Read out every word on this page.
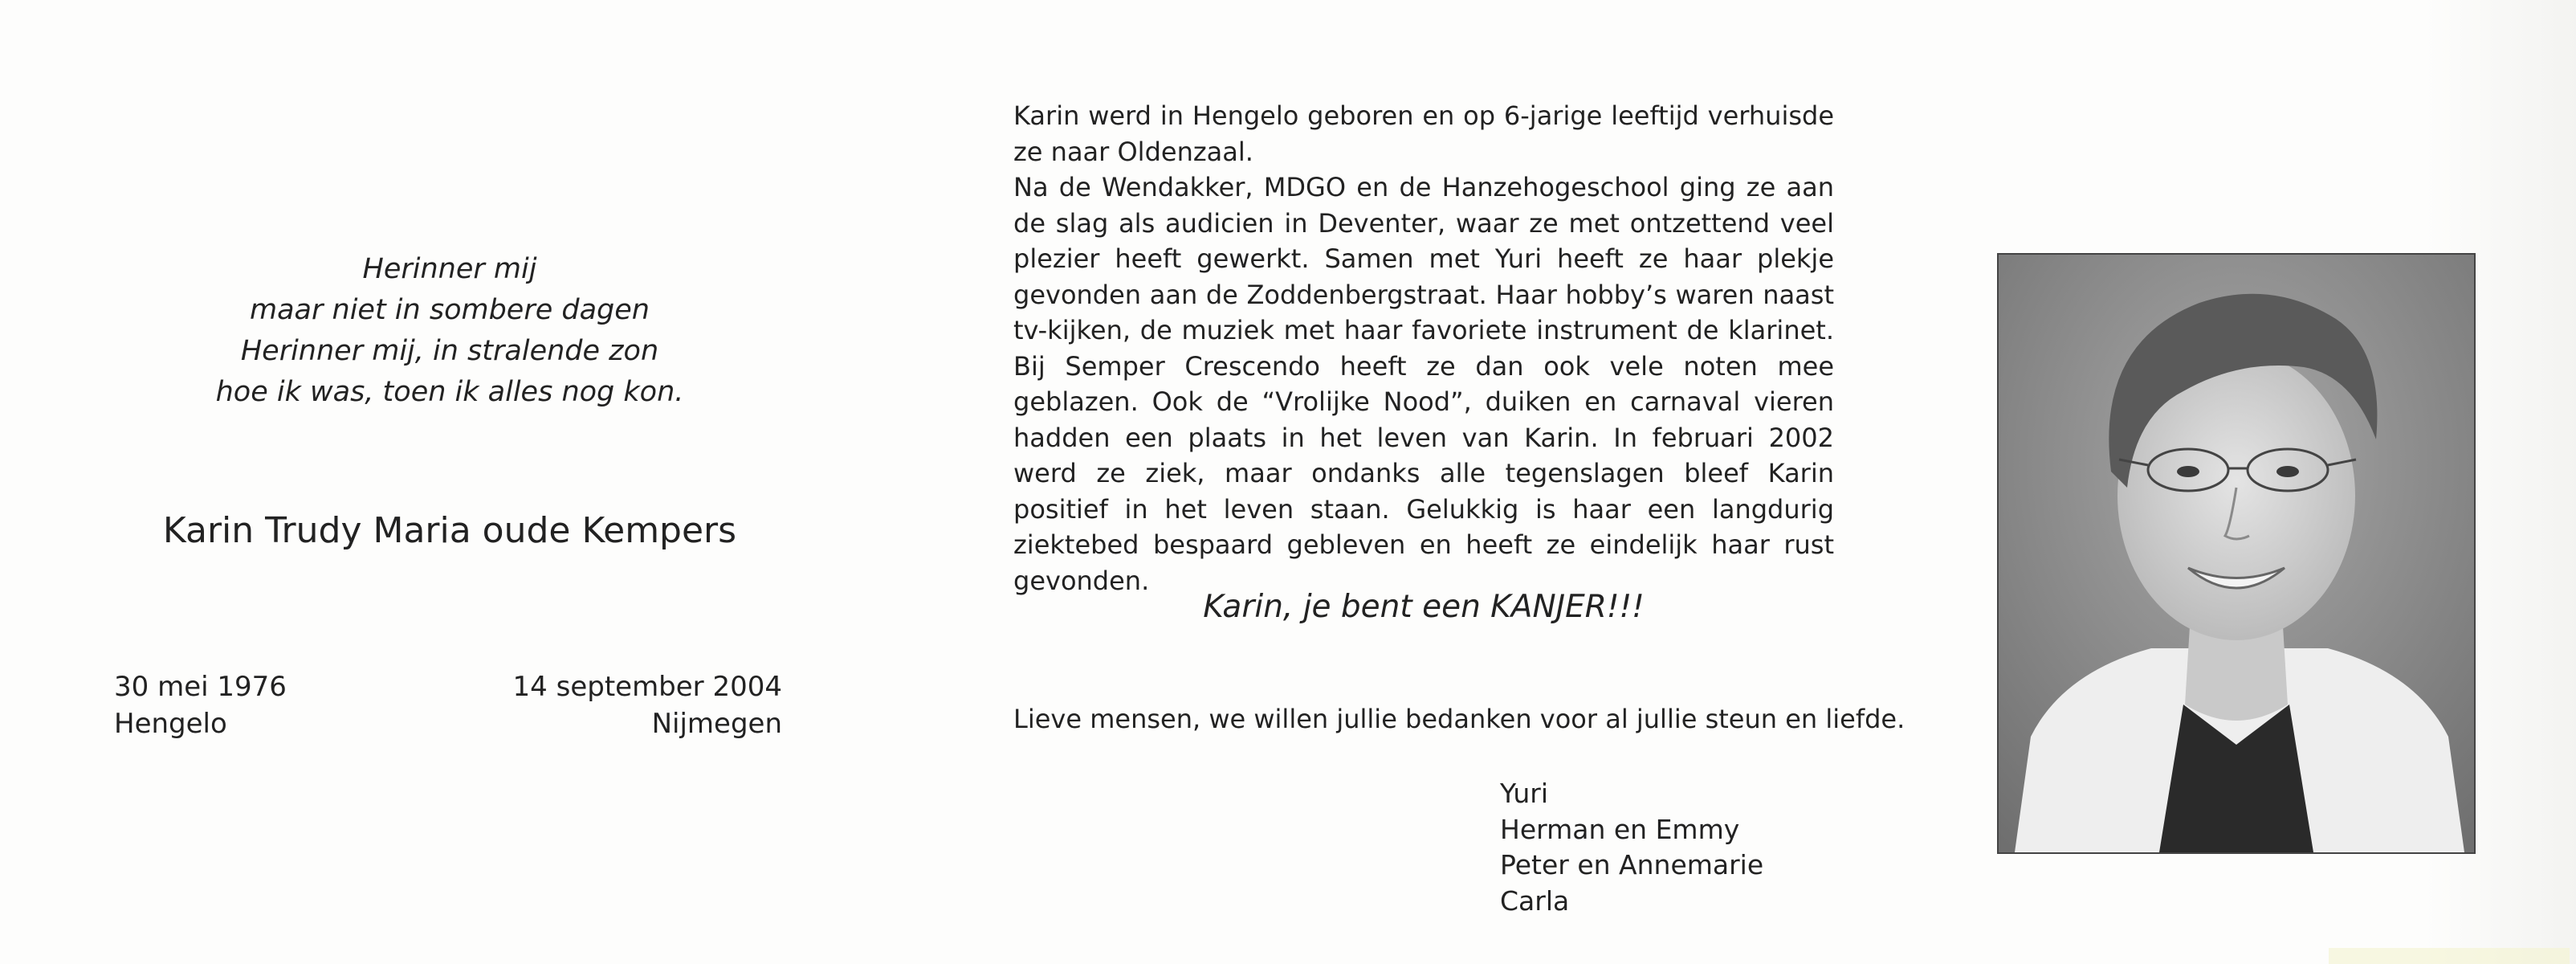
Herinner mij
maar niet in sombere dagen
Herinner mij, in stralende zon
hoe ik was, toen ik alles nog kon.
Karin Trudy Maria oude Kempers
30 mei 1976
Hengelo
14 september 2004
Nijmegen

Karin werd in Hengelo geboren en op 6-jarige leeftijd verhuisde ze naar Oldenzaal.

Na de Wendakker, MDGO en de Hanzehogeschool ging ze aan de slag als audicien in Deventer, waar ze met ontzettend veel plezier heeft gewerkt. Samen met Yuri heeft ze haar plekje gevonden aan de Zoddenbergstraat. Haar hobby’s waren naast tv-kijken, de muziek met haar favoriete instrument de klarinet. Bij Semper Crescendo heeft ze dan ook vele noten mee geblazen. Ook de “Vrolijke Nood”, duiken en carnaval vieren hadden een plaats in het leven van Karin. In februari 2002 werd ze ziek, maar ondanks alle tegenslagen bleef Karin positief in het leven staan. Gelukkig is haar een langdurig ziektebed bespaard gebleven en heeft ze eindelijk haar rust gevonden.

Karin, je bent een KANJER!!!
Lieve mensen, we willen jullie bedanken voor al jullie steun en liefde.
Yuri
Herman en Emmy
Peter en Annemarie
Carla
